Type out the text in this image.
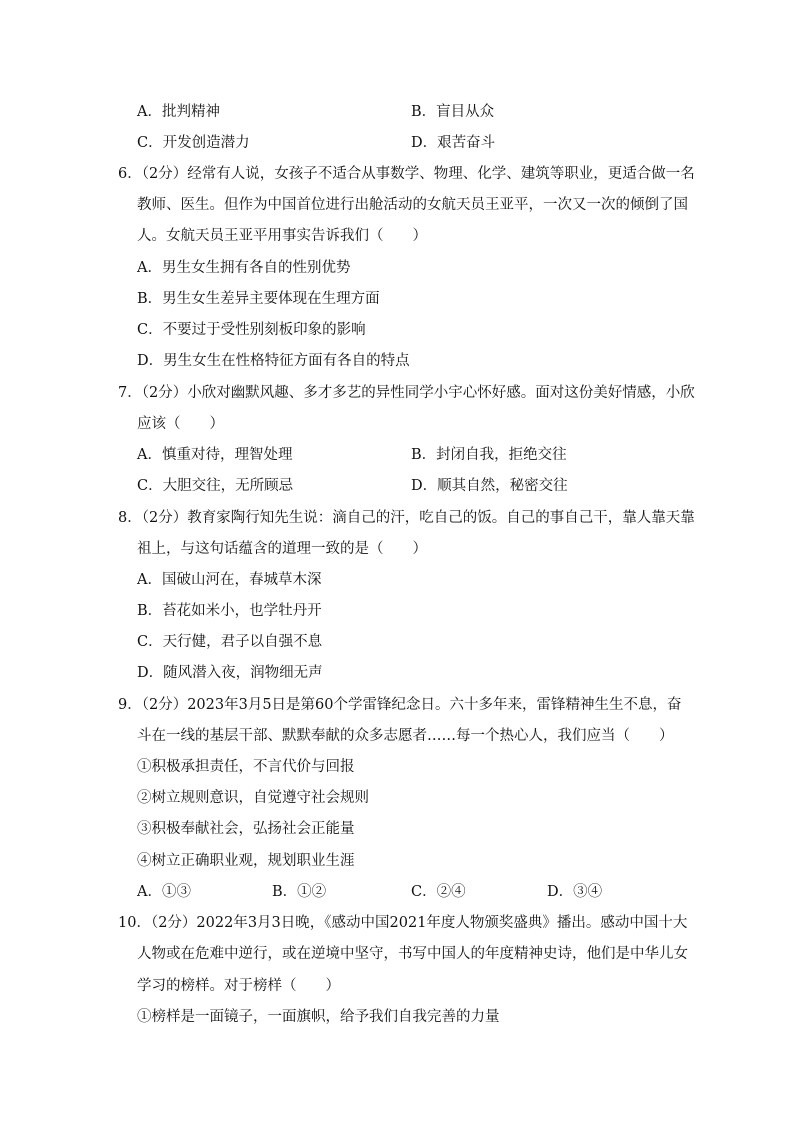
A．批判精神	B．盲目从众
C．开发创造潜力	D．艰苦奋斗
6．（2分）经常有人说，女孩子不适合从事数学、物理、化学、建筑等职业，更适合做一名
教师、医生。但作为中国首位进行出舱活动的女航天员王亚平，一次又一次的倾倒了国
人。女航天员王亚平用事实告诉我们（　　）
A．男生女生拥有各自的性别优势
B．男生女生差异主要体现在生理方面
C．不要过于受性别刻板印象的影响
D．男生女生在性格特征方面有各自的特点
7．（2分）小欣对幽默风趣、多才多艺的异性同学小宇心怀好感。面对这份美好情感，小欣
应该（　　）
A．慎重对待，理智处理	B．封闭自我，拒绝交往
C．大胆交往，无所顾忌	D．顺其自然，秘密交往
8．（2分）教育家陶行知先生说：滴自己的汗，吃自己的饭。自己的事自己干，靠人靠天靠
祖上，与这句话蕴含的道理一致的是（　　）
A．国破山河在，春城草木深
B．苔花如米小，也学牡丹开
C．天行健，君子以自强不息
D．随风潜入夜，润物细无声
9．（2分）2023年3月5日是第60个学雷锋纪念日。六十多年来，雷锋精神生生不息，奋
斗在一线的基层干部、默默奉献的众多志愿者……每一个热心人，我们应当（　　）
①积极承担责任，不言代价与回报
②树立规则意识，自觉遵守社会规则
③积极奉献社会，弘扬社会正能量
④树立正确职业观，规划职业生涯
A．①③	B．①②	C．②④	D．③④
10．（2分）2022年3月3日晚，《感动中国2021年度人物颁奖盛典》播出。感动中国十大
人物或在危难中逆行，或在逆境中坚守，书写中国人的年度精神史诗，他们是中华儿女
学习的榜样。对于榜样（　　）
①榜样是一面镜子，一面旗帜，给予我们自我完善的力量
